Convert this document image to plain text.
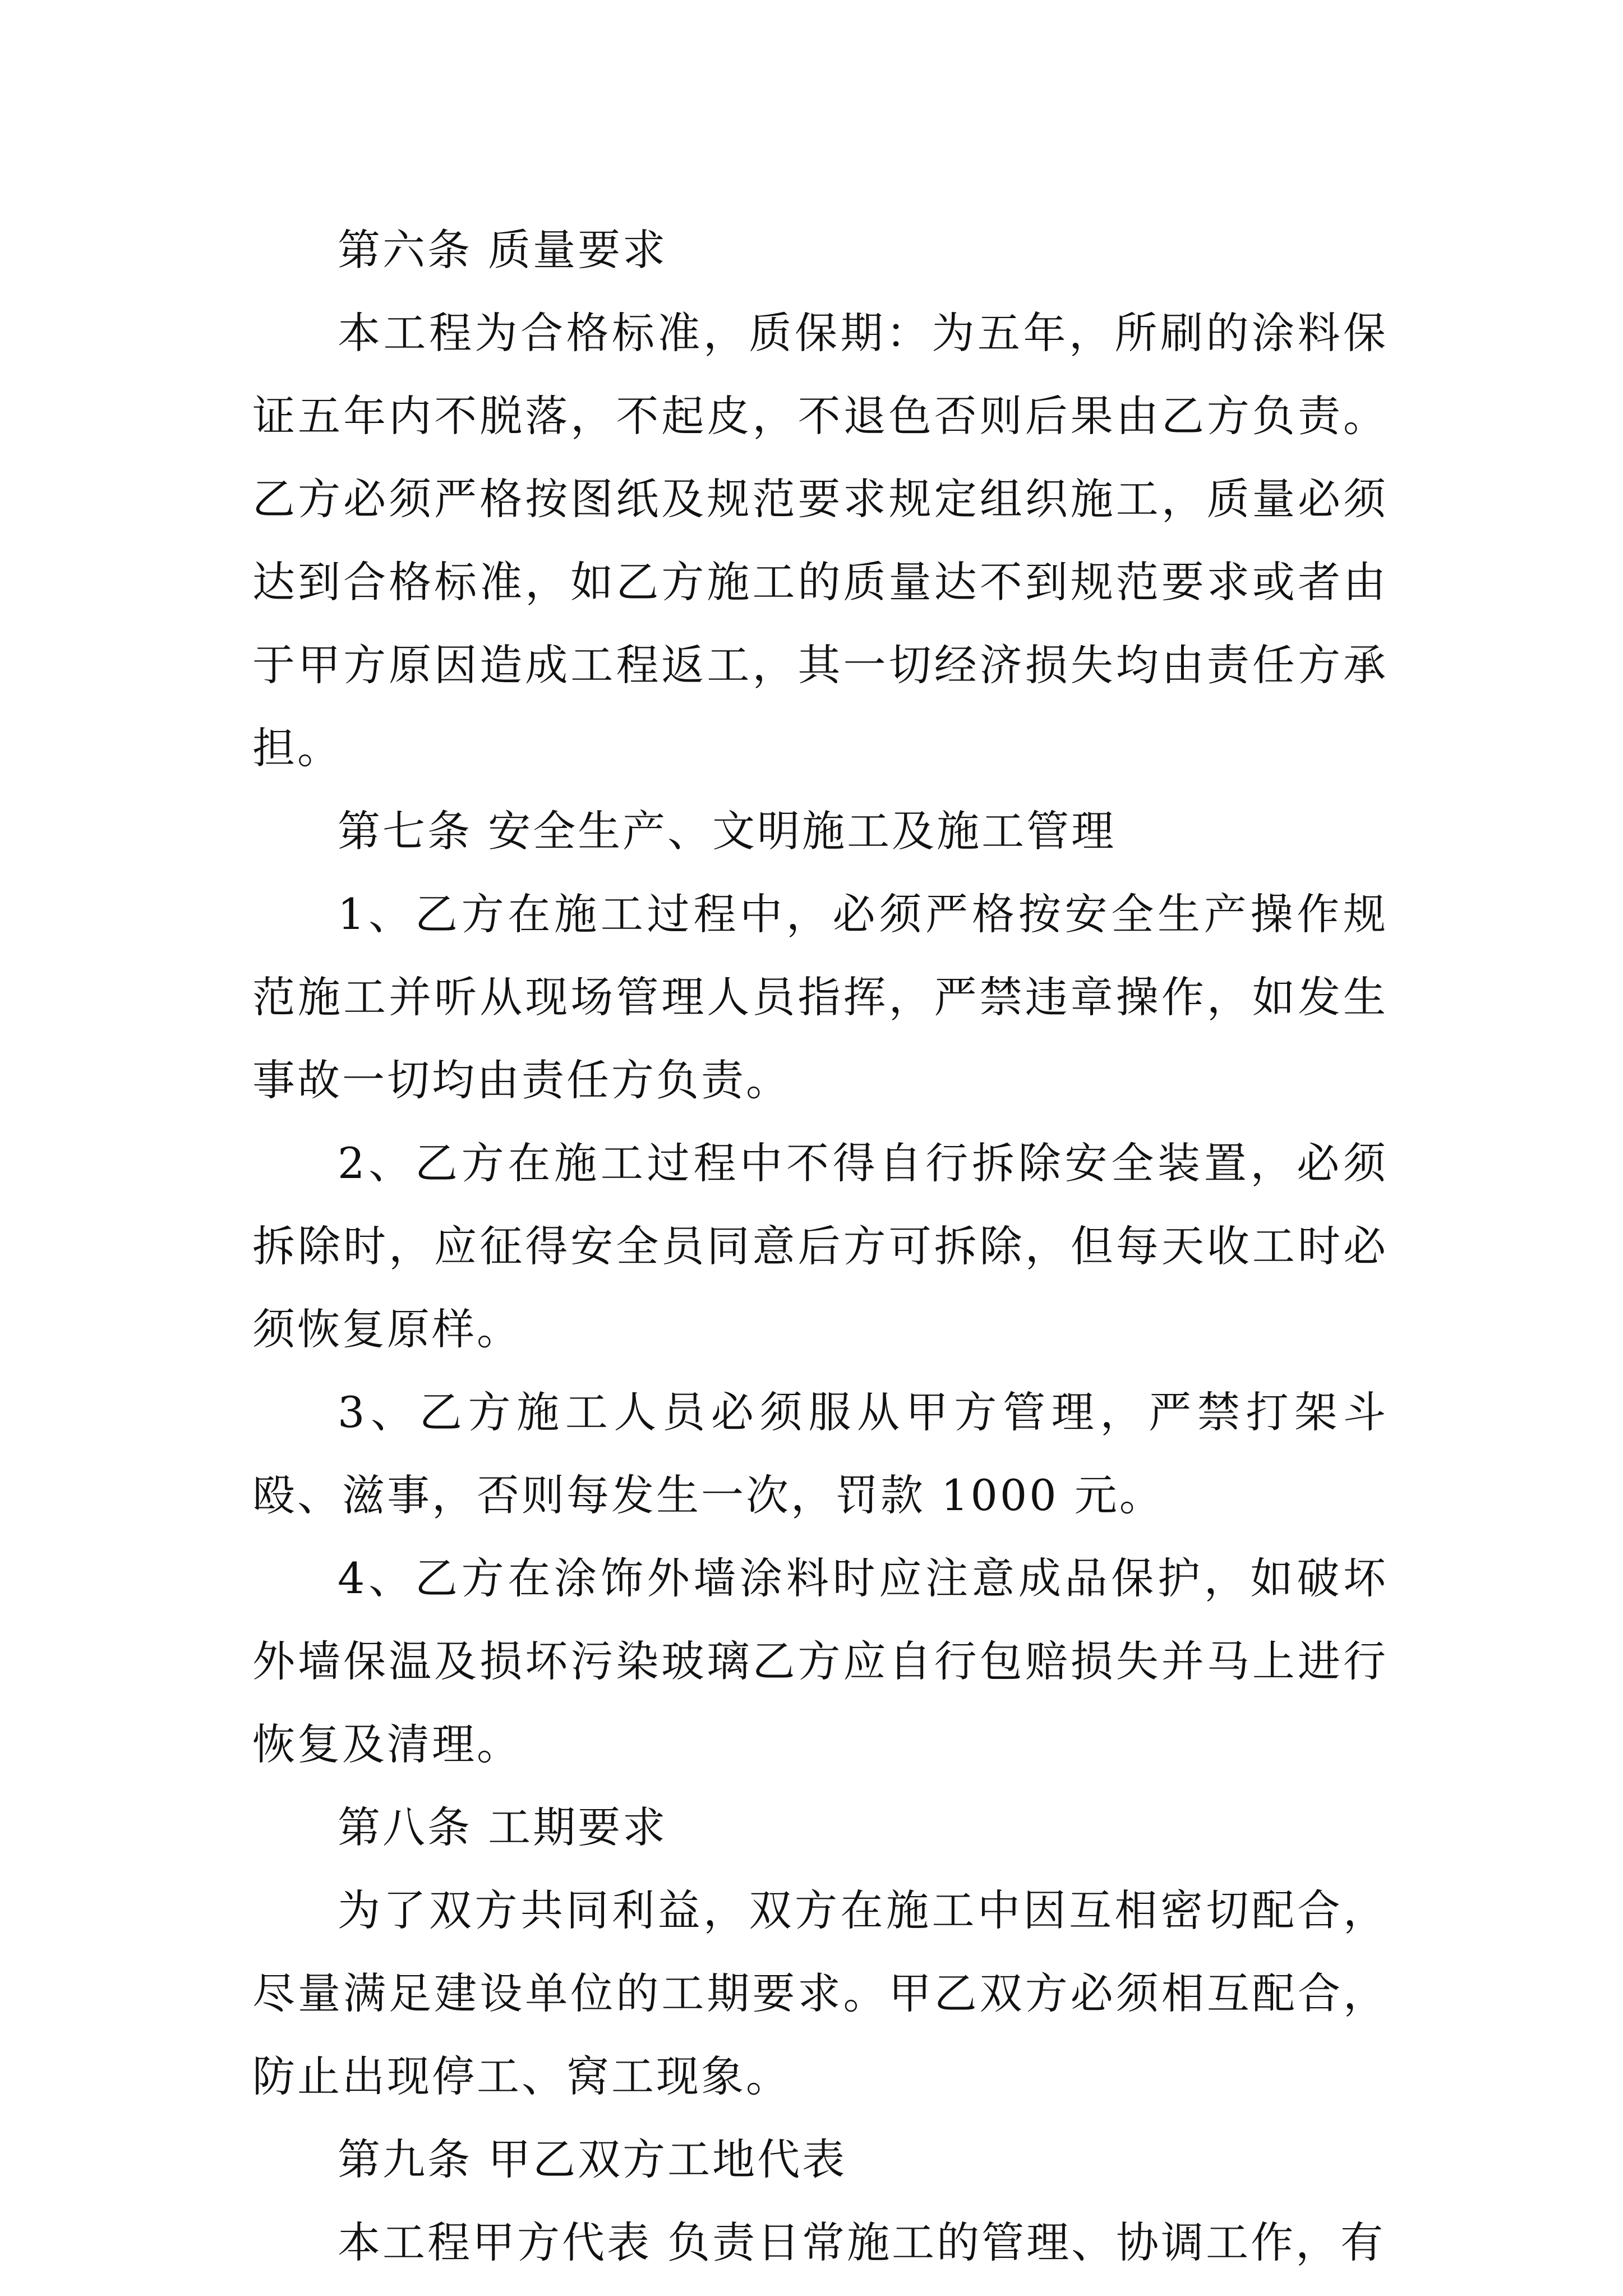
第六条 质量要求

本工程为合格标准，质保期：为五年，所刷的涂料保证五年内不脱落，不起皮，不退色否则后果由乙方负责。乙方必须严格按图纸及规范要求规定组织施工，质量必须达到合格标准，如乙方施工的质量达不到规范要求或者由于甲方原因造成工程返工，其一切经济损失均由责任方承担。

第七条 安全生产、文明施工及施工管理

1、乙方在施工过程中，必须严格按安全生产操作规范施工并听从现场管理人员指挥，严禁违章操作，如发生事故一切均由责任方负责。

2、乙方在施工过程中不得自行拆除安全装置，必须拆除时，应征得安全员同意后方可拆除，但每天收工时必须恢复原样。

3、乙方施工人员必须服从甲方管理，严禁打架斗殴、滋事，否则每发生一次，罚款 1000 元。

4、乙方在涂饰外墙涂料时应注意成品保护，如破坏外墙保温及损坏污染玻璃乙方应自行包赔损失并马上进行恢复及清理。

第八条 工期要求

为了双方共同利益，双方在施工中因互相密切配合，尽量满足建设单位的工期要求。甲乙双方必须相互配合，防止出现停工、窝工现象。

第九条 甲乙双方工地代表

本工程甲方代表 负责日常施工的管理、协调工作，有
